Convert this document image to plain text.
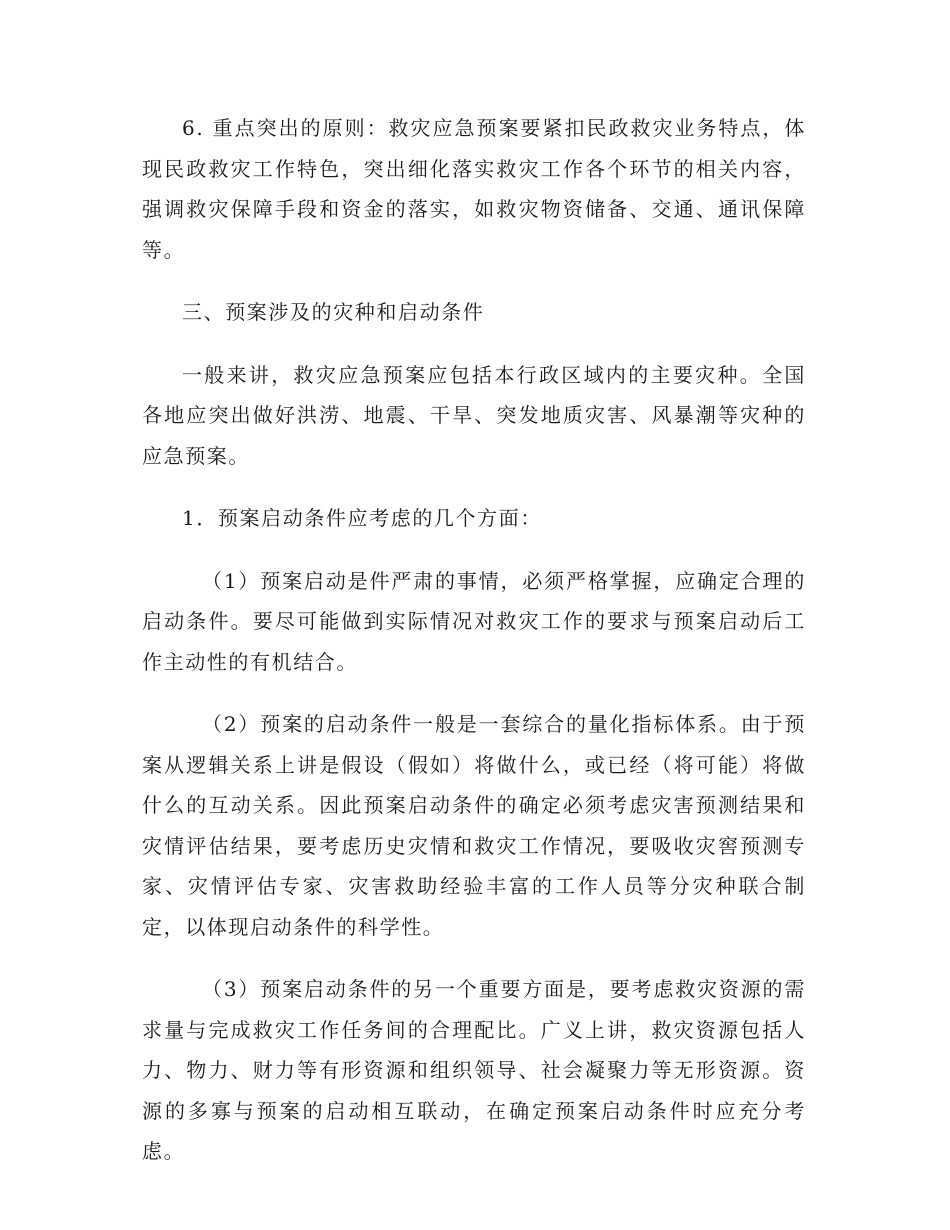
6. 重点突出的原则：救灾应急预案要紧扣民政救灾业务特点，体现民政救灾工作特色，突出细化落实救灾工作各个环节的相关内容，强调救灾保障手段和资金的落实，如救灾物资储备、交通、通讯保障等。

三、预案涉及的灾种和启动条件

一般来讲，救灾应急预案应包括本行政区域内的主要灾种。全国各地应突出做好洪涝、地震、干旱、突发地质灾害、风暴潮等灾种的应急预案。

1．预案启动条件应考虑的几个方面：

（1）预案启动是件严肃的事情，必须严格掌握，应确定合理的启动条件。要尽可能做到实际情况对救灾工作的要求与预案启动后工作主动性的有机结合。

（2）预案的启动条件一般是一套综合的量化指标体系。由于预案从逻辑关系上讲是假设（假如）将做什么，或已经（将可能）将做什么的互动关系。因此预案启动条件的确定必须考虑灾害预测结果和灾情评估结果，要考虑历史灾情和救灾工作情况，要吸收灾窖预测专家、灾情评估专家、灾害救助经验丰富的工作人员等分灾种联合制定，以体现启动条件的科学性。

（3）预案启动条件的另一个重要方面是，要考虑救灾资源的需求量与完成救灾工作任务间的合理配比。广义上讲，救灾资源包括人力、物力、财力等有形资源和组织领导、社会凝聚力等无形资源。资源的多寡与预案的启动相互联动，在确定预案启动条件时应充分考虑。
